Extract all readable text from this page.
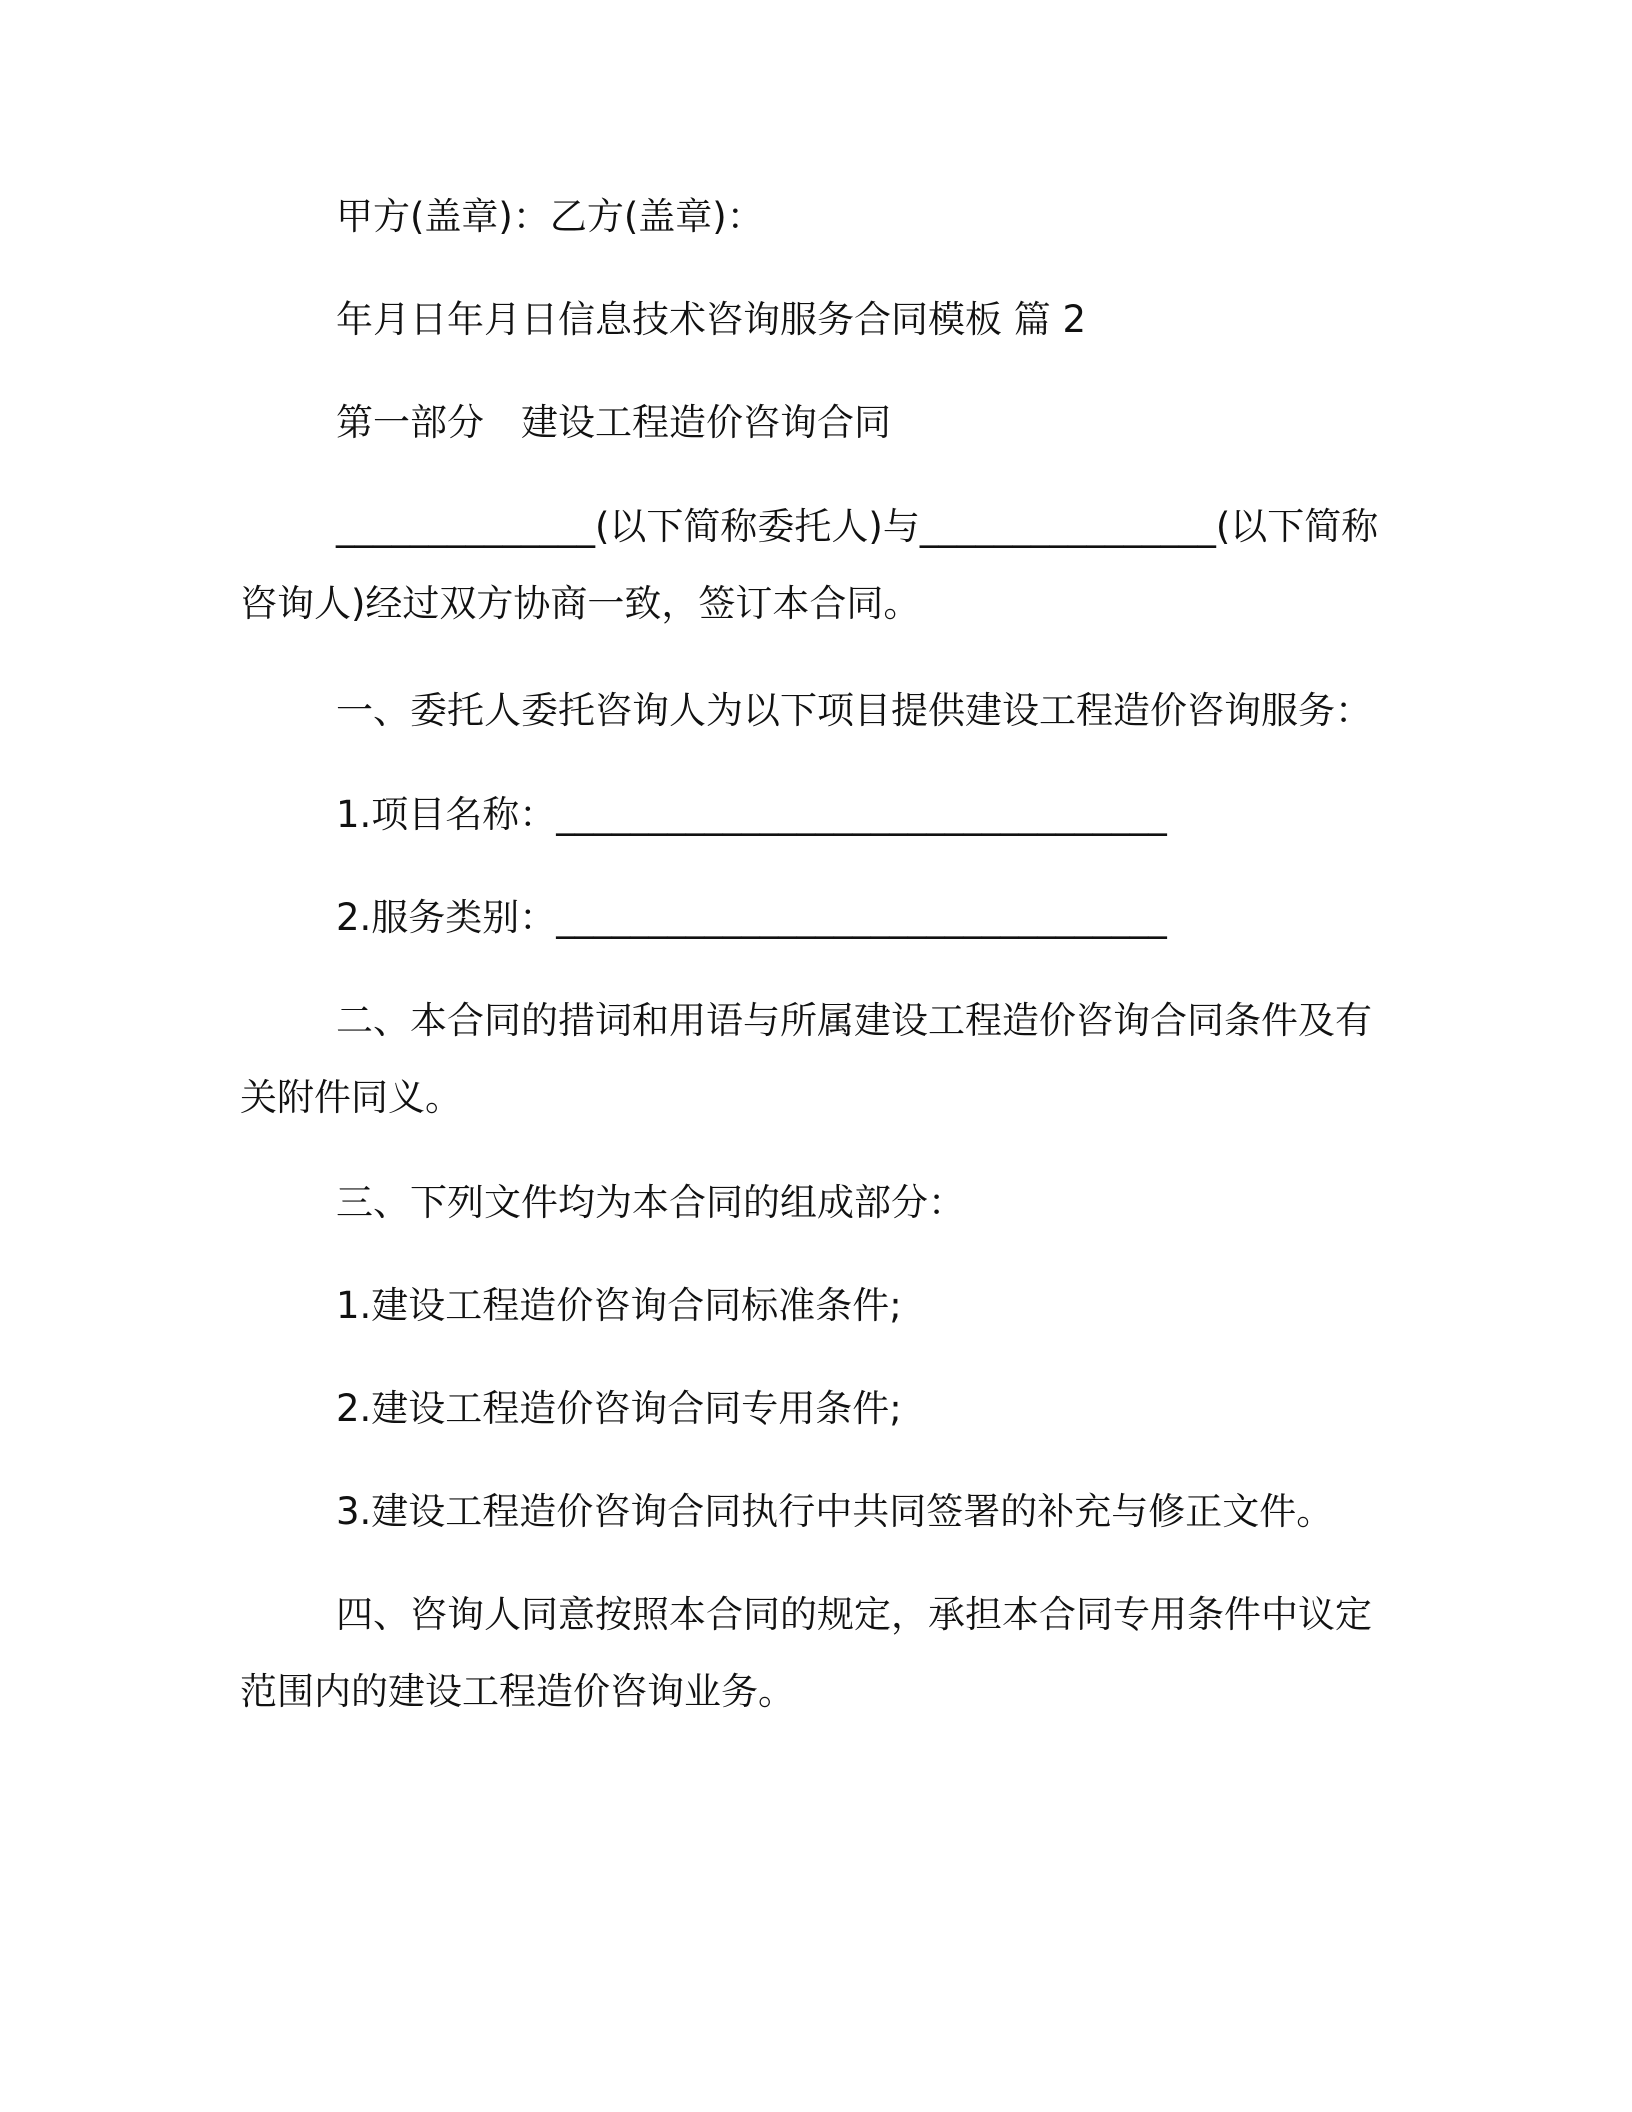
甲方(盖章)：乙方(盖章)：

年月日年月日信息技术咨询服务合同模板 篇 2

第一部分　建设工程造价咨询合同

______________(以下简称委托人)与________________(以下简称咨询人)经过双方协商一致，签订本合同。

一、委托人委托咨询人为以下项目提供建设工程造价咨询服务：

1.项目名称：_________________________________

2.服务类别：_________________________________

二、本合同的措词和用语与所属建设工程造价咨询合同条件及有关附件同义。

三、下列文件均为本合同的组成部分：

1.建设工程造价咨询合同标准条件;

2.建设工程造价咨询合同专用条件;

3.建设工程造价咨询合同执行中共同签署的补充与修正文件。

四、咨询人同意按照本合同的规定，承担本合同专用条件中议定范围内的建设工程造价咨询业务。
